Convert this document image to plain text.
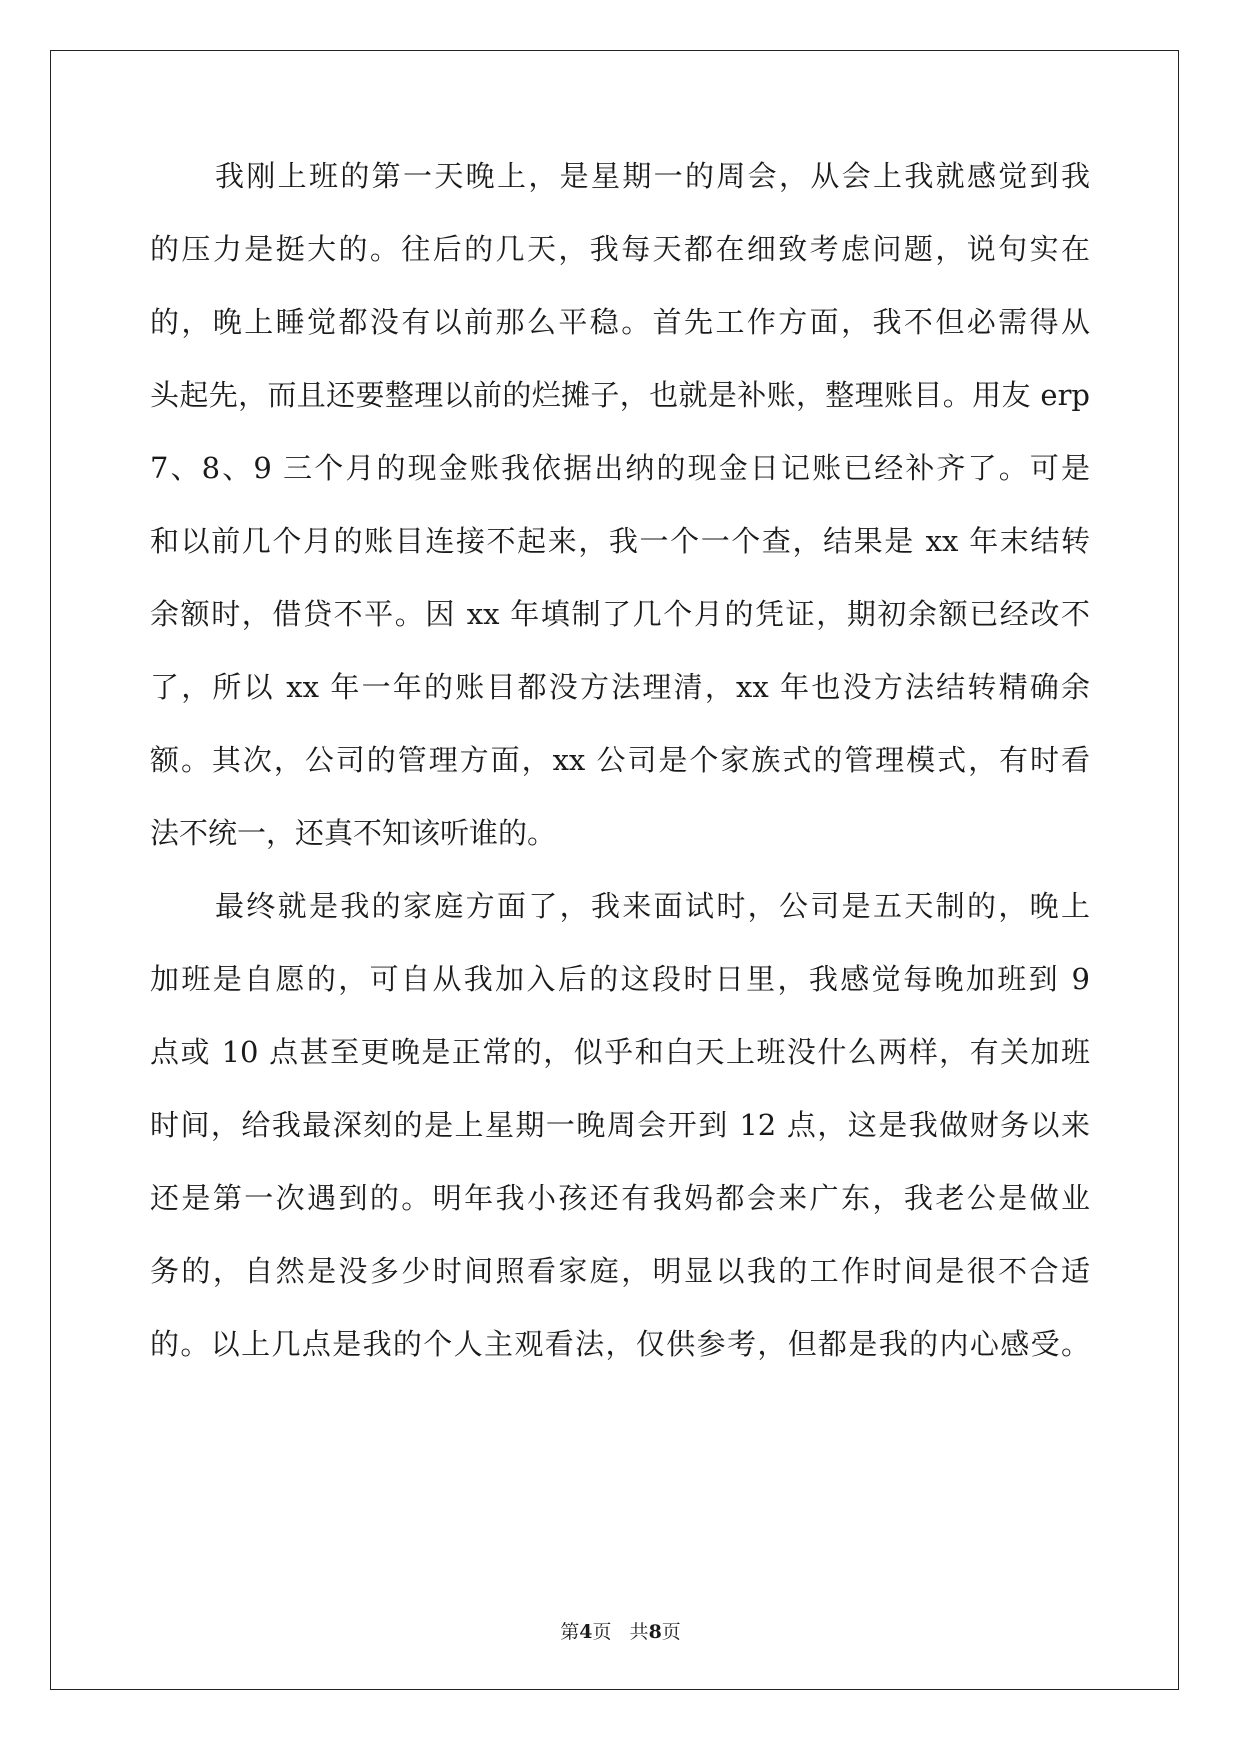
我刚上班的第一天晚上，是星期一的周会，从会上我就感觉到我
的压力是挺大的。往后的几天，我每天都在细致考虑问题，说句实在
的，晚上睡觉都没有以前那么平稳。首先工作方面，我不但必需得从
头起先，而且还要整理以前的烂摊子，也就是补账，整理账目。用友 erp
7、8、9 三个月的现金账我依据出纳的现金日记账已经补齐了。可是
和以前几个月的账目连接不起来，我一个一个查，结果是 xx 年末结转
余额时，借贷不平。因 xx 年填制了几个月的凭证，期初余额已经改不
了，所以 xx 年一年的账目都没方法理清，xx 年也没方法结转精确余
额。其次，公司的管理方面，xx 公司是个家族式的管理模式，有时看
法不统一，还真不知该听谁的。
最终就是我的家庭方面了，我来面试时，公司是五天制的，晚上
加班是自愿的，可自从我加入后的这段时日里，我感觉每晚加班到 9
点或 10 点甚至更晚是正常的，似乎和白天上班没什么两样，有关加班
时间，给我最深刻的是上星期一晚周会开到 12 点，这是我做财务以来
还是第一次遇到的。明年我小孩还有我妈都会来广东，我老公是做业
务的，自然是没多少时间照看家庭，明显以我的工作时间是很不合适
的。以上几点是我的个人主观看法，仅供参考，但都是我的内心感受。
第4页   共8页
